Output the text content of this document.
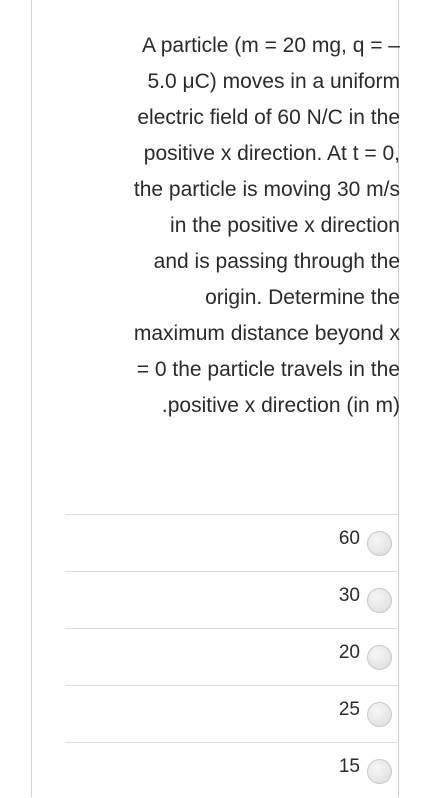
A particle (m = 20 mg, q = –
5.0 μC) moves in a uniform
electric field of 60 N/C in the
positive x direction. At t = 0,
the particle is moving 30 m/s
in the positive x direction
and is passing through the
origin. Determine the
maximum distance beyond x
= 0 the particle travels in the
.positive x direction (in m)
60
30
20
25
15
